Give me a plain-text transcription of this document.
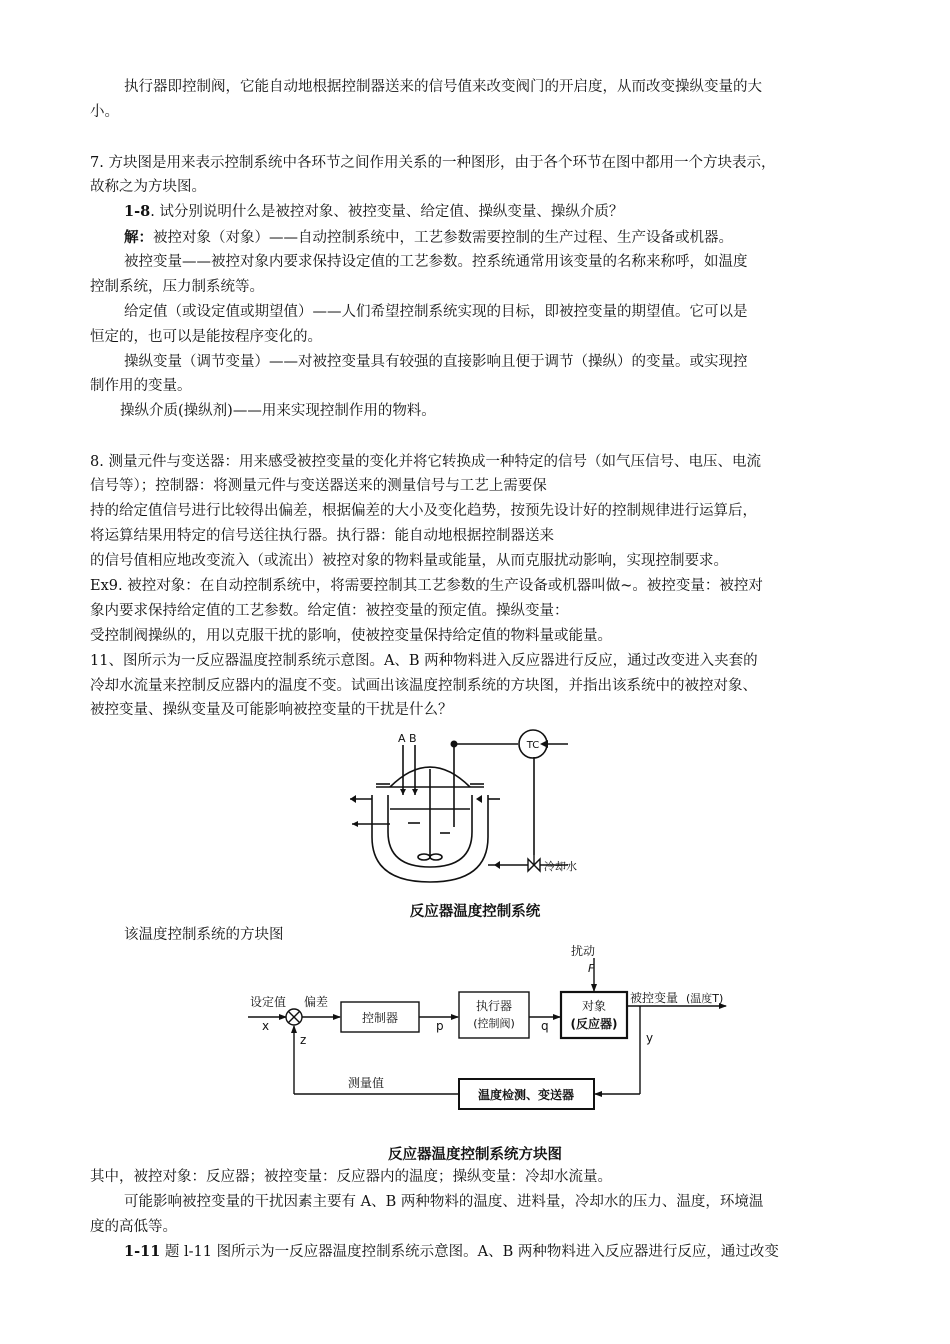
执行器即控制阀，它能自动地根据控制器送来的信号值来改变阀门的开启度，从而改变操纵变量的大
小。
7. 方块图是用来表示控制系统中各环节之间作用关系的一种图形，由于各个环节在图中都用一个方块表示，
故称之为方块图。
1-8. 试分别说明什么是被控对象、被控变量、给定值、操纵变量、操纵介质？
解：被控对象（对象）——自动控制系统中，工艺参数需要控制的生产过程、生产设备或机器。
被控变量——被控对象内要求保持设定值的工艺参数。控系统通常用该变量的名称来称呼，如温度
控制系统，压力制系统等。
给定值（或设定值或期望值）——人们希望控制系统实现的目标，即被控变量的期望值。它可以是
恒定的，也可以是能按程序变化的。
操纵变量（调节变量）——对被控变量具有较强的直接影响且便于调节（操纵）的变量。或实现控
制作用的变量。
操纵介质(操纵剂)——用来实现控制作用的物料。
8. 测量元件与变送器：用来感受被控变量的变化并将它转换成一种特定的信号（如气压信号、电压、电流
信号等）；控制器：将测量元件与变送器送来的测量信号与工艺上需要保
持的给定值信号进行比较得出偏差，根据偏差的大小及变化趋势，按预先设计好的控制规律进行运算后，
将运算结果用特定的信号送往执行器。执行器：能自动地根据控制器送来
的信号值相应地改变流入（或流出）被控对象的物料量或能量，从而克服扰动影响，实现控制要求。
Ex9. 被控对象：在自动控制系统中，将需要控制其工艺参数的生产设备或机器叫做~。被控变量：被控对
象内要求保持给定值的工艺参数。给定值：被控变量的预定值。操纵变量：
受控制阀操纵的，用以克服干扰的影响，使被控变量保持给定值的物料量或能量。
11、图所示为一反应器温度控制系统示意图。A、B 两种物料进入反应器进行反应，通过改变进入夹套的
冷却水流量来控制反应器内的温度不变。试画出该温度控制系统的方块图，并指出该系统中的被控对象、
被控变量、操纵变量及可能影响被控变量的干扰是什么？
A B
TC
冷却水
反应器温度控制系统
该温度控制系统的方块图
扰动
F
设定值
x
偏差
控制器
p
执行器
(控制阀) q
对象
(反应器)
被控变量 (温度T)
y
z
测量值
温度检测、变送器
反应器温度控制系统方块图
其中，被控对象：反应器；被控变量：反应器内的温度；操纵变量：冷却水流量。
可能影响被控变量的干扰因素主要有 A、B 两种物料的温度、进料量，冷却水的压力、温度，环境温
度的高低等。
1-11 题 l-11 图所示为一反应器温度控制系统示意图。A、B 两种物料进入反应器进行反应，通过改变
